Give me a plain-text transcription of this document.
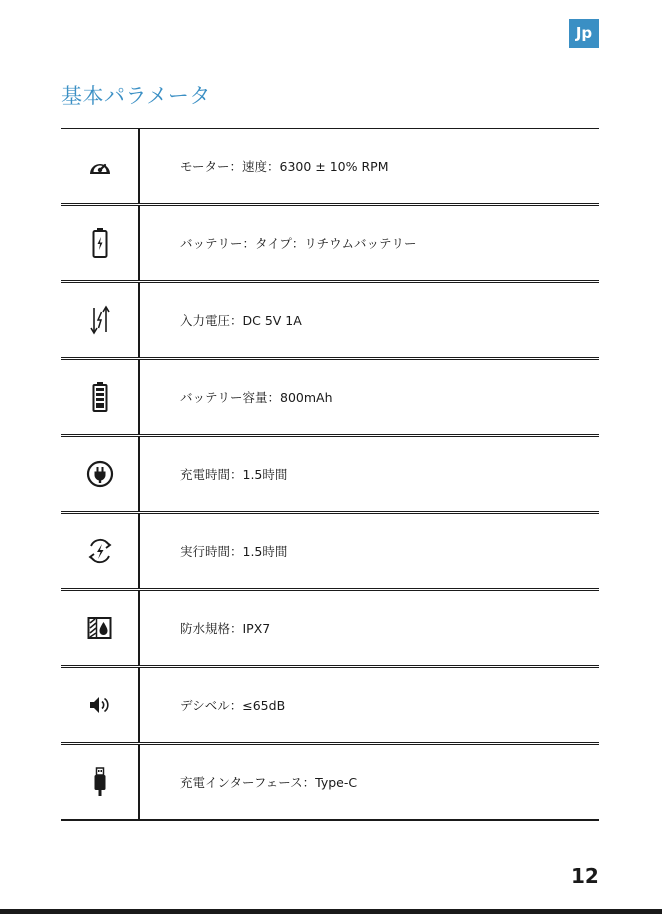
Jp
基本パラメータ
モーター：速度：6300 ± 10% RPM
バッテリー：タイプ：リチウムバッテリー
入力電圧：DC 5V 1A
バッテリー容量：800mAh
充電時間：1.5時間
実行時間：1.5時間
防水規格：IPX7
デシベル：≤65dB
充電インターフェース：Type-C
12
